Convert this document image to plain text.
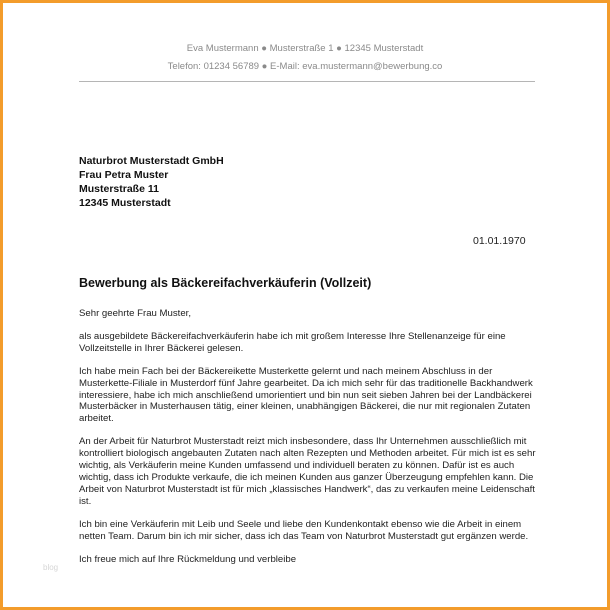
Eva Mustermann ● Musterstraße 1 ● 12345 Musterstadt
Telefon: 01234 56789 ● E-Mail: eva.mustermann@bewerbung.co
Naturbrot Musterstadt GmbH
Frau Petra Muster
Musterstraße 11
12345 Musterstadt
01.01.1970
Bewerbung als Bäckereifachverkäuferin (Vollzeit)

Sehr geehrte Frau Muster,

als ausgebildete Bäckereifachverkäuferin habe ich mit großem Interesse Ihre Stellenanzeige für eine Vollzeitstelle in Ihrer Bäckerei gelesen.

Ich habe mein Fach bei der Bäckereikette Musterkette gelernt und nach meinem Abschluss in der Musterkette-Filiale in Musterdorf fünf Jahre gearbeitet. Da ich mich sehr für das traditionelle Backhandwerk interessiere, habe ich mich anschließend umorientiert und bin nun seit sieben Jahren bei der Landbäckerei Musterbäcker in Musterhausen tätig, einer kleinen, unabhängigen Bäckerei, die nur mit regionalen Zutaten arbeitet.

An der Arbeit für Naturbrot Musterstadt reizt mich insbesondere, dass Ihr Unternehmen ausschließlich mit kontrolliert biologisch angebauten Zutaten nach alten Rezepten und Methoden arbeitet. Für mich ist es sehr wichtig, als Verkäuferin meine Kunden umfassend und individuell beraten zu können. Dafür ist es auch wichtig, dass ich Produkte verkaufe, die ich meinen Kunden aus ganzer Überzeugung empfehlen kann. Die Arbeit von Naturbrot Musterstadt ist für mich „klassisches Handwerk“, das zu verkaufen meine Leidenschaft ist.

Ich bin eine Verkäuferin mit Leib und Seele und liebe den Kundenkontakt ebenso wie die Arbeit in einem netten Team. Darum bin ich mir sicher, dass ich das Team von Naturbrot Musterstadt gut ergänzen werde.

Ich freue mich auf Ihre Rückmeldung und verbleibe

blog
